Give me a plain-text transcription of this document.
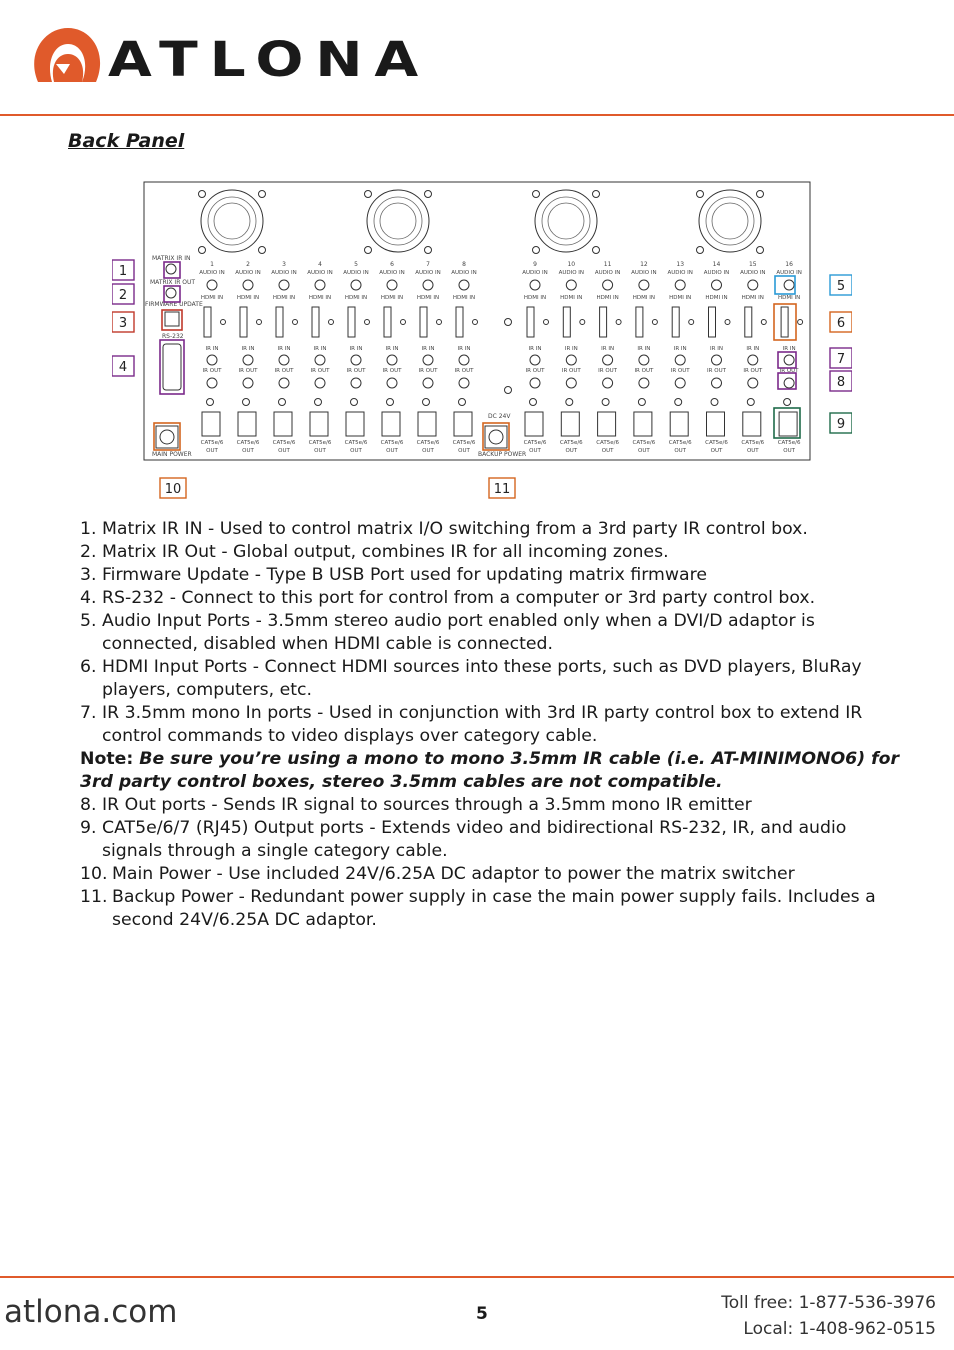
ATLONA
Back Panel
1
AUDIO IN
HDMI IN
IR IN
IR OUT
CAT5e/6
OUT
2
AUDIO IN
HDMI IN
IR IN
IR OUT
CAT5e/6
OUT
3
AUDIO IN
HDMI IN
IR IN
IR OUT
CAT5e/6
OUT
4
AUDIO IN
HDMI IN
IR IN
IR OUT
CAT5e/6
OUT
5
AUDIO IN
HDMI IN
IR IN
IR OUT
CAT5e/6
OUT
6
AUDIO IN
HDMI IN
IR IN
IR OUT
CAT5e/6
OUT
7
AUDIO IN
HDMI IN
IR IN
IR OUT
CAT5e/6
OUT
8
AUDIO IN
HDMI IN
IR IN
IR OUT
CAT5e/6
OUT
9
AUDIO IN
HDMI IN
IR IN
IR OUT
CAT5e/6
OUT
10
AUDIO IN
HDMI IN
IR IN
IR OUT
CAT5e/6
OUT
11
AUDIO IN
HDMI IN
IR IN
IR OUT
CAT5e/6
OUT
12
AUDIO IN
HDMI IN
IR IN
IR OUT
CAT5e/6
OUT
13
AUDIO IN
HDMI IN
IR IN
IR OUT
CAT5e/6
OUT
14
AUDIO IN
HDMI IN
IR IN
IR OUT
CAT5e/6
OUT
15
AUDIO IN
HDMI IN
IR IN
IR OUT
CAT5e/6
OUT
16
AUDIO IN
HDMI IN
IR IN
IR OUT
CAT5e/6
OUT
MATRIX IR IN
MATRIX IR OUT
FIRMWARE UPDATE
RS-232
MAIN POWER
DC 24V
BACKUP POWER
1
2
3
4
5
6
7
8
9
10	11
1. Matrix IR IN - Used to control matrix I/O switching from a 3rd party IR control box.
2. Matrix IR Out - Global output, combines IR for all incoming zones.
3. Firmware Update - Type B USB Port used for updating matrix firmware
4. RS-232 - Connect to this port for control from a computer or 3rd party control box.
5. Audio Input Ports - 3.5mm stereo audio port enabled only when a DVI/D adaptor is connected, disabled when HDMI cable is connected.
6. HDMI Input Ports - Connect HDMI sources into these ports, such as DVD players, BluRay players, computers, etc.
7. IR 3.5mm mono In ports - Used in conjunction with 3rd IR party control box to extend IR control commands to video displays over category cable.
Note: Be sure you’re using a mono to mono 3.5mm IR cable (i.e. AT-MINIMONO6) for 3rd party control boxes, stereo 3.5mm cables are not compatible.
8. IR Out ports - Sends IR signal to sources through a 3.5mm mono IR emitter
9. CAT5e/6/7 (RJ45) Output ports - Extends video and bidirectional RS-232, IR, and audio signals through a single category cable.
10. Main Power - Use included 24V/6.25A DC adaptor to power the matrix switcher
11. Backup Power - Redundant power supply in case the main power supply fails. Includes a second 24V/6.25A DC adaptor.
atlona.com	5
Toll free: 1-877-536-3976
Local: 1-408-962-0515
